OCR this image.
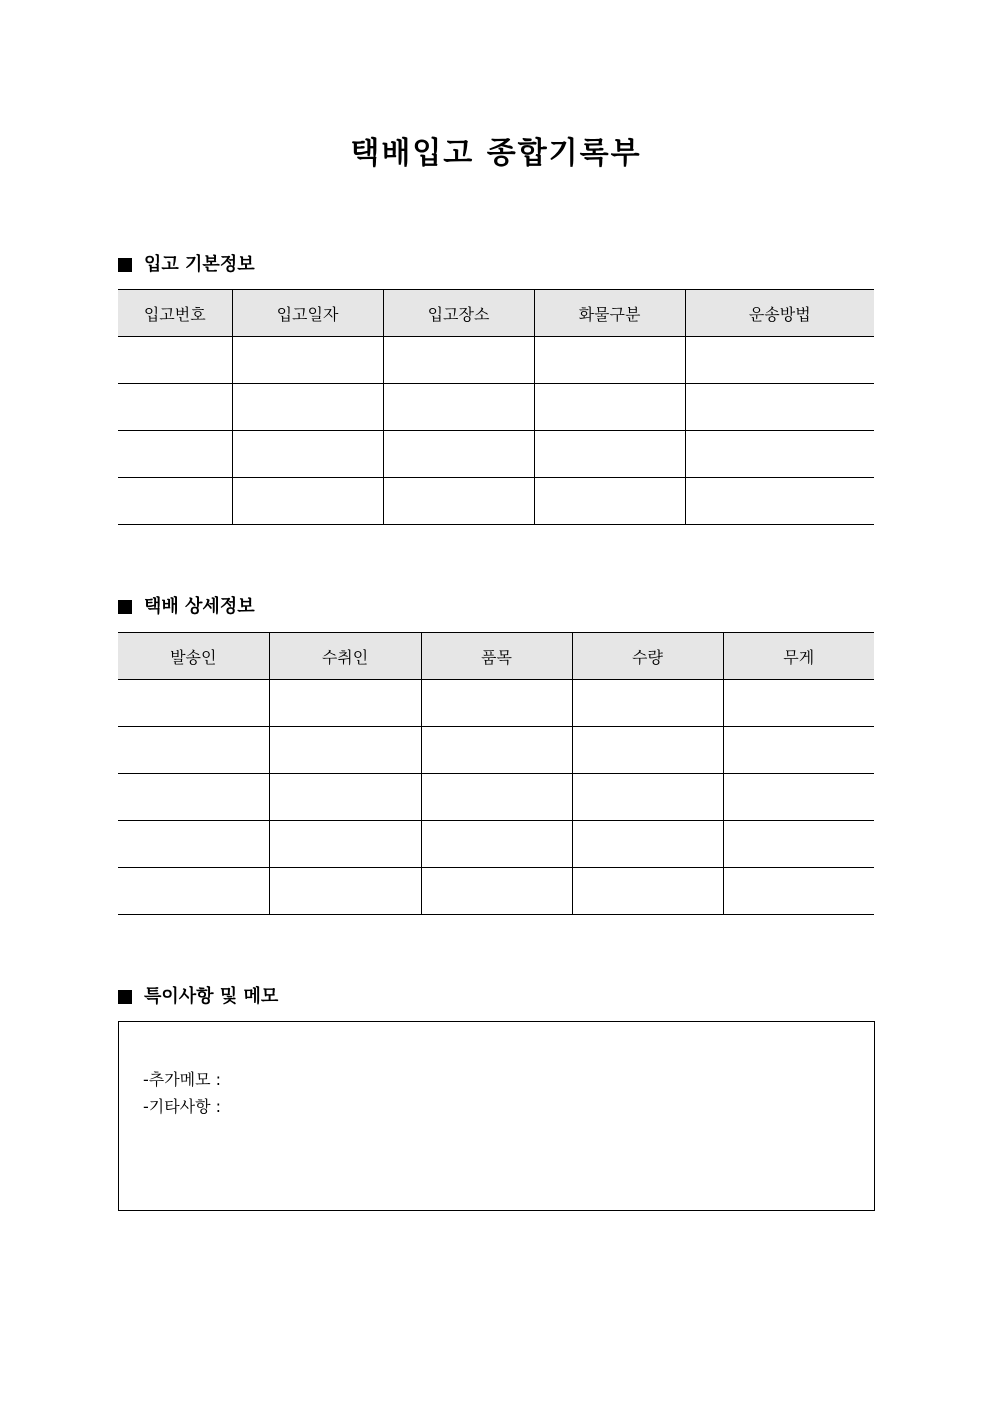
택배입고 종합기록부
입고 기본정보
입고번호	입고일자	입고장소	화물구분	운송방법

택배 상세정보
발송인	수취인	품목	수량	무게

특이사항 및 메모
-추가메모 :
-기타사항 :
